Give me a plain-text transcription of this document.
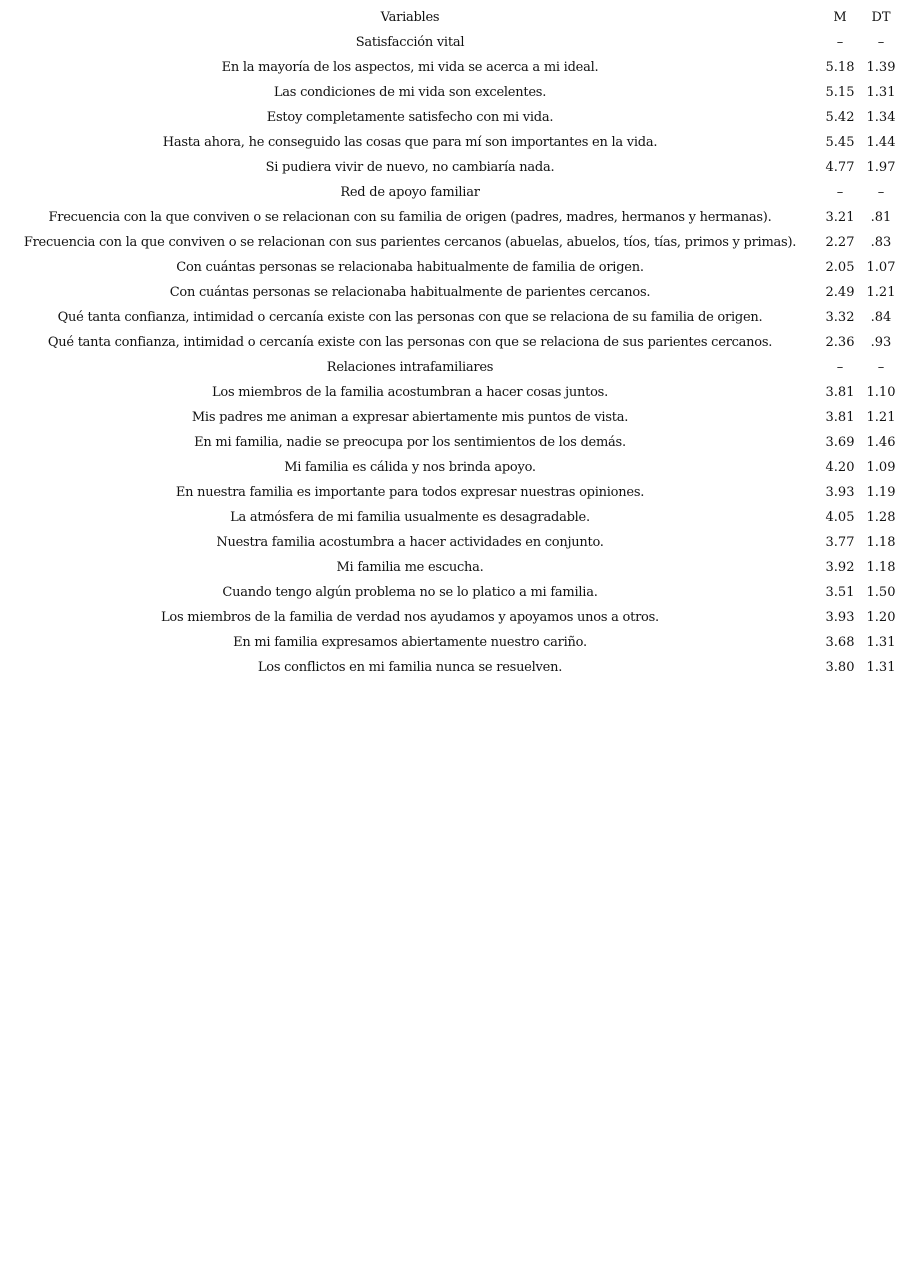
Variables	M	DT
Satisfacción vital	–	–
En la mayoría de los aspectos, mi vida se acerca a mi ideal.	5.18	1.39
Las condiciones de mi vida son excelentes.	5.15	1.31
Estoy completamente satisfecho con mi vida.	5.42	1.34
Hasta ahora, he conseguido las cosas que para mí son importantes en la vida.	5.45	1.44
Si pudiera vivir de nuevo, no cambiaría nada.	4.77	1.97
Red de apoyo familiar	–	–
Frecuencia con la que conviven o se relacionan con su familia de origen (padres, madres, hermanos y hermanas).	3.21	.81
Frecuencia con la que conviven o se relacionan con sus parientes cercanos (abuelas, abuelos, tíos, tías, primos y primas).	2.27	.83
Con cuántas personas se relacionaba habitualmente de familia de origen.	2.05	1.07
Con cuántas personas se relacionaba habitualmente de parientes cercanos.	2.49	1.21
Qué tanta confianza, intimidad o cercanía existe con las personas con que se relaciona de su familia de origen.	3.32	.84
Qué tanta confianza, intimidad o cercanía existe con las personas con que se relaciona de sus parientes cercanos.	2.36	.93
Relaciones intrafamiliares	–	–
Los miembros de la familia acostumbran a hacer cosas juntos.	3.81	1.10
Mis padres me animan a expresar abiertamente mis puntos de vista.	3.81	1.21
En mi familia, nadie se preocupa por los sentimientos de los demás.	3.69	1.46
Mi familia es cálida y nos brinda apoyo.	4.20	1.09
En nuestra familia es importante para todos expresar nuestras opiniones.	3.93	1.19
La atmósfera de mi familia usualmente es desagradable.	4.05	1.28
Nuestra familia acostumbra a hacer actividades en conjunto.	3.77	1.18
Mi familia me escucha.	3.92	1.18
Cuando tengo algún problema no se lo platico a mi familia.	3.51	1.50
Los miembros de la familia de verdad nos ayudamos y apoyamos unos a otros.	3.93	1.20
En mi familia expresamos abiertamente nuestro cariño.	3.68	1.31
Los conflictos en mi familia nunca se resuelven.	3.80	1.31
